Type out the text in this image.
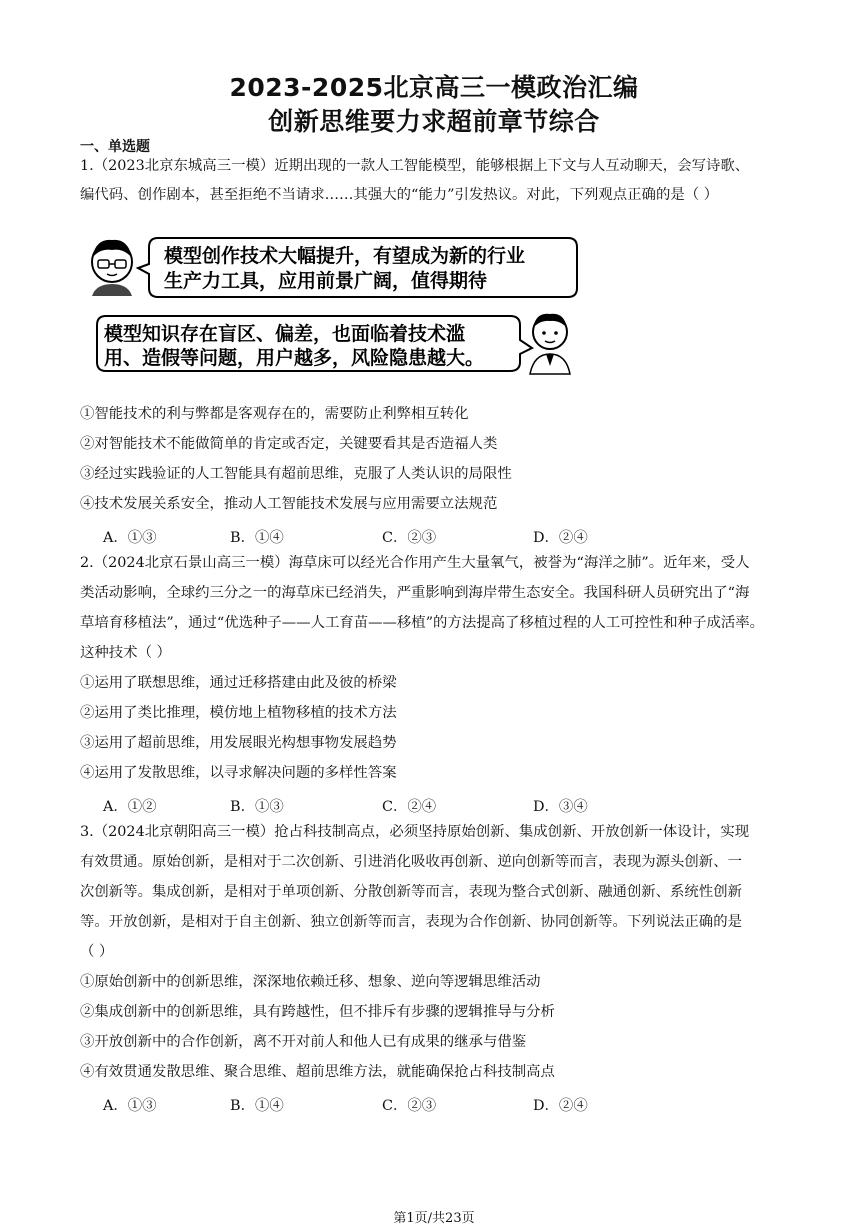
2023-2025北京高三一模政治汇编
创新思维要力求超前章节综合
一、单选题
1.（2023北京东城高三一模）近期出现的一款人工智能模型，能够根据上下文与人互动聊天，会写诗歌、
编代码、创作剧本，甚至拒绝不当请求……其强大的“能力”引发热议。对此，下列观点正确的是（ ）
模型创作技术大幅提升，有望成为新的行业
生产力工具，应用前景广阔，值得期待
模型知识存在盲区、偏差，也面临着技术滥
用、造假等问题，用户越多，风险隐患越大。
①智能技术的利与弊都是客观存在的，需要防止利弊相互转化
②对智能技术不能做简单的肯定或否定，关键要看其是否造福人类
③经过实践验证的人工智能具有超前思维，克服了人类认识的局限性
④技术发展关系安全，推动人工智能技术发展与应用需要立法规范
A．①③	B．①④	C．②③	D．②④
2.（2024北京石景山高三一模）海草床可以经光合作用产生大量氧气，被誉为“海洋之肺”。近年来，受人
类活动影响，全球约三分之一的海草床已经消失，严重影响到海岸带生态安全。我国科研人员研究出了“海
草培育移植法”，通过“优选种子——人工育苗——移植”的方法提高了移植过程的人工可控性和种子成活率。
这种技术（ ）
①运用了联想思维，通过迁移搭建由此及彼的桥梁
②运用了类比推理，模仿地上植物移植的技术方法
③运用了超前思维，用发展眼光构想事物发展趋势
④运用了发散思维，以寻求解决问题的多样性答案
A．①②	B．①③	C．②④	D．③④
3.（2024北京朝阳高三一模）抢占科技制高点，必须坚持原始创新、集成创新、开放创新一体设计，实现
有效贯通。原始创新，是相对于二次创新、引进消化吸收再创新、逆向创新等而言，表现为源头创新、一
次创新等。集成创新，是相对于单项创新、分散创新等而言，表现为整合式创新、融通创新、系统性创新
等。开放创新，是相对于自主创新、独立创新等而言，表现为合作创新、协同创新等。下列说法正确的是
（ ）
①原始创新中的创新思维，深深地依赖迁移、想象、逆向等逻辑思维活动
②集成创新中的创新思维，具有跨越性，但不排斥有步骤的逻辑推导与分析
③开放创新中的合作创新，离不开对前人和他人已有成果的继承与借鉴
④有效贯通发散思维、聚合思维、超前思维方法，就能确保抢占科技制高点
A．①③	B．①④	C．②③	D．②④
第1页/共23页
